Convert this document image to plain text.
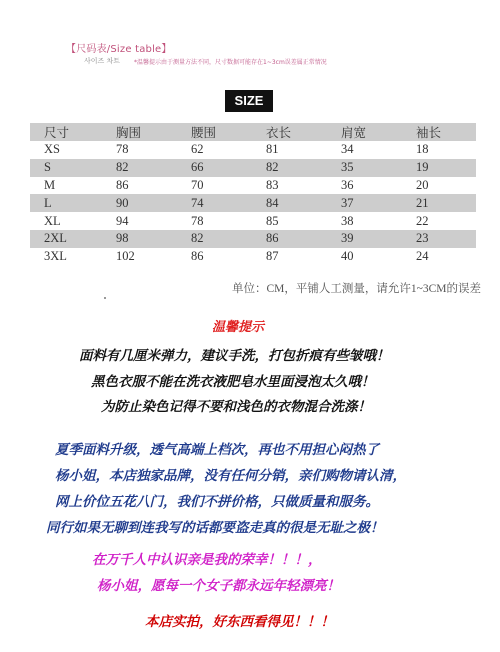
【尺码表/Size table】
사이즈 차트 *温馨提示由于测量方法不同，尺寸数据可能存在1~3cm误差属正常情况
SIZE
尺寸	胸围	腰围	衣长	肩宽	袖长
XS	78	62	81	34	18
S	82	66	82	35	19
M	86	70	83	36	20
L	90	74	84	37	21
XL	94	78	85	38	22
2XL	98	82	86	39	23
3XL	102	86	87	40	24
单位：CM，平铺人工测量，请允许1~3CM的误差
温馨提示
面料有几厘米弹力，建议手洗，打包折痕有些皱哦！
黑色衣服不能在洗衣液肥皂水里面浸泡太久哦！
为防止染色记得不要和浅色的衣物混合洗涤！
夏季面料升级，透气高端上档次，再也不用担心闷热了
杨小姐，本店独家品牌，没有任何分销，亲们购物请认清，
网上价位五花八门，我们不拼价格，只做质量和服务。
同行如果无聊到连我写的话都要盗走真的很是无耻之极！
在万千人中认识亲是我的荣幸！！！，
杨小姐，愿每一个女子都永远年轻漂亮！
本店实拍，好东西看得见！！！
